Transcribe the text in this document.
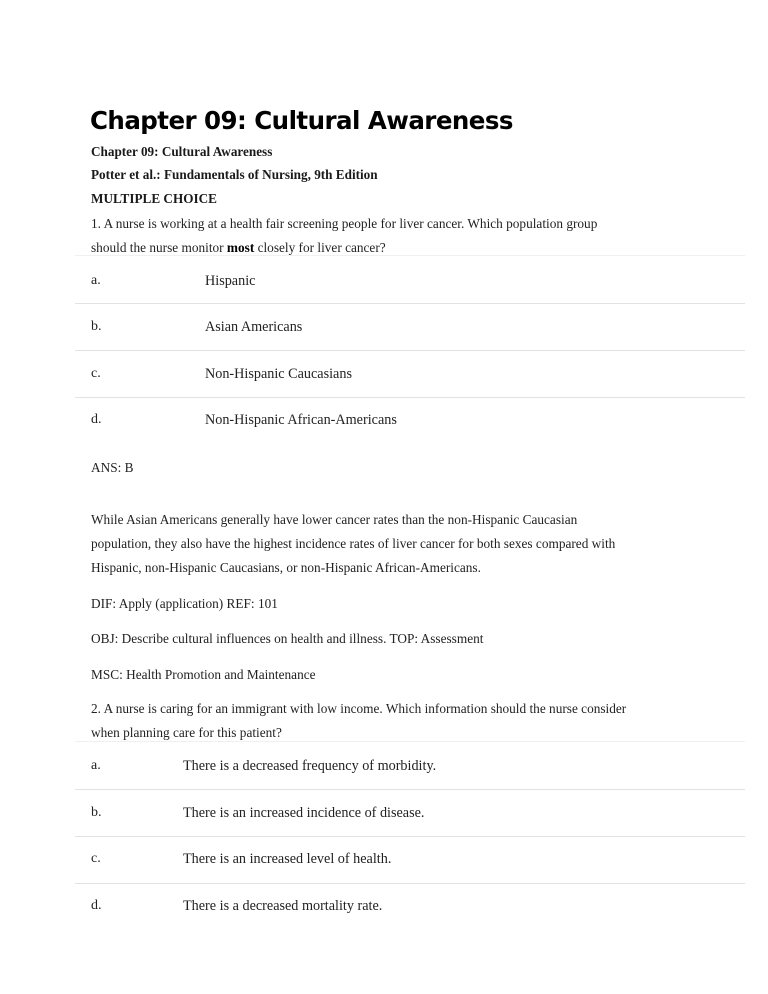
Chapter 09: Cultural Awareness
Chapter 09: Cultural Awareness
Potter et al.: Fundamentals of Nursing, 9th Edition
MULTIPLE CHOICE
1. A nurse is working at a health fair screening people for liver cancer. Which population group
should the nurse monitor most closely for liver cancer?
a.	Hispanic
b.	Asian Americans
c.	Non-Hispanic Caucasians
d.	Non-Hispanic African-Americans
ANS: B
While Asian Americans generally have lower cancer rates than the non-Hispanic Caucasian
population, they also have the highest incidence rates of liver cancer for both sexes compared with
Hispanic, non-Hispanic Caucasians, or non-Hispanic African-Americans.
DIF: Apply (application) REF: 101
OBJ: Describe cultural influences on health and illness. TOP: Assessment
MSC: Health Promotion and Maintenance
2. A nurse is caring for an immigrant with low income. Which information should the nurse consider
when planning care for this patient?
a.	There is a decreased frequency of morbidity.
b.	There is an increased incidence of disease.
c.	There is an increased level of health.
d.	There is a decreased mortality rate.
